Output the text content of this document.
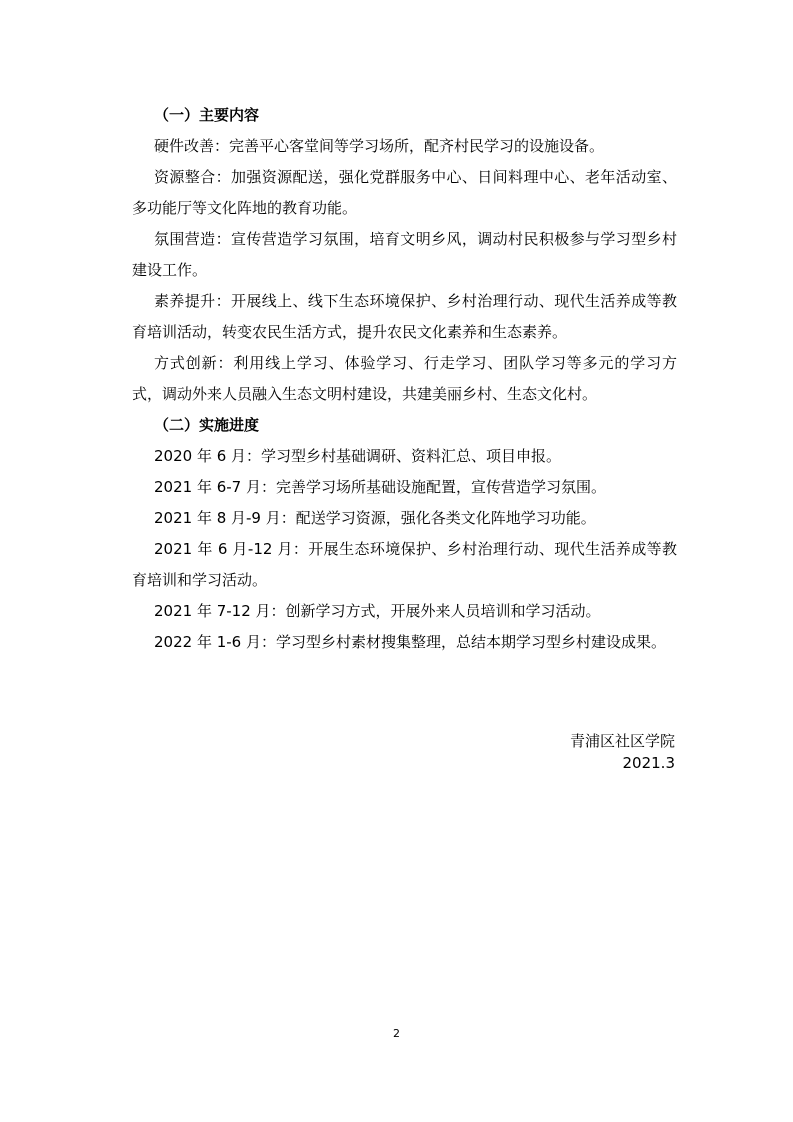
（一）主要内容

硬件改善：完善平心客堂间等学习场所，配齐村民学习的设施设备。

资源整合：加强资源配送，强化党群服务中心、日间料理中心、老年活动室、多功能厅等文化阵地的教育功能。

氛围营造：宣传营造学习氛围，培育文明乡风，调动村民积极参与学习型乡村建设工作。

素养提升：开展线上、线下生态环境保护、乡村治理行动、现代生活养成等教育培训活动，转变农民生活方式，提升农民文化素养和生态素养。

方式创新：利用线上学习、体验学习、行走学习、团队学习等多元的学习方式，调动外来人员融入生态文明村建设，共建美丽乡村、生态文化村。

（二）实施进度

2020 年 6 月：学习型乡村基础调研、资料汇总、项目申报。

2021 年 6-7 月：完善学习场所基础设施配置，宣传营造学习氛围。

2021 年 8 月-9 月：配送学习资源，强化各类文化阵地学习功能。

2021 年 6 月-12 月：开展生态环境保护、乡村治理行动、现代生活养成等教育培训和学习活动。

2021 年 7-12 月：创新学习方式，开展外来人员培训和学习活动。

2022 年 1-6 月：学习型乡村素材搜集整理，总结本期学习型乡村建设成果。

青浦区社区学院
2021.3
2
